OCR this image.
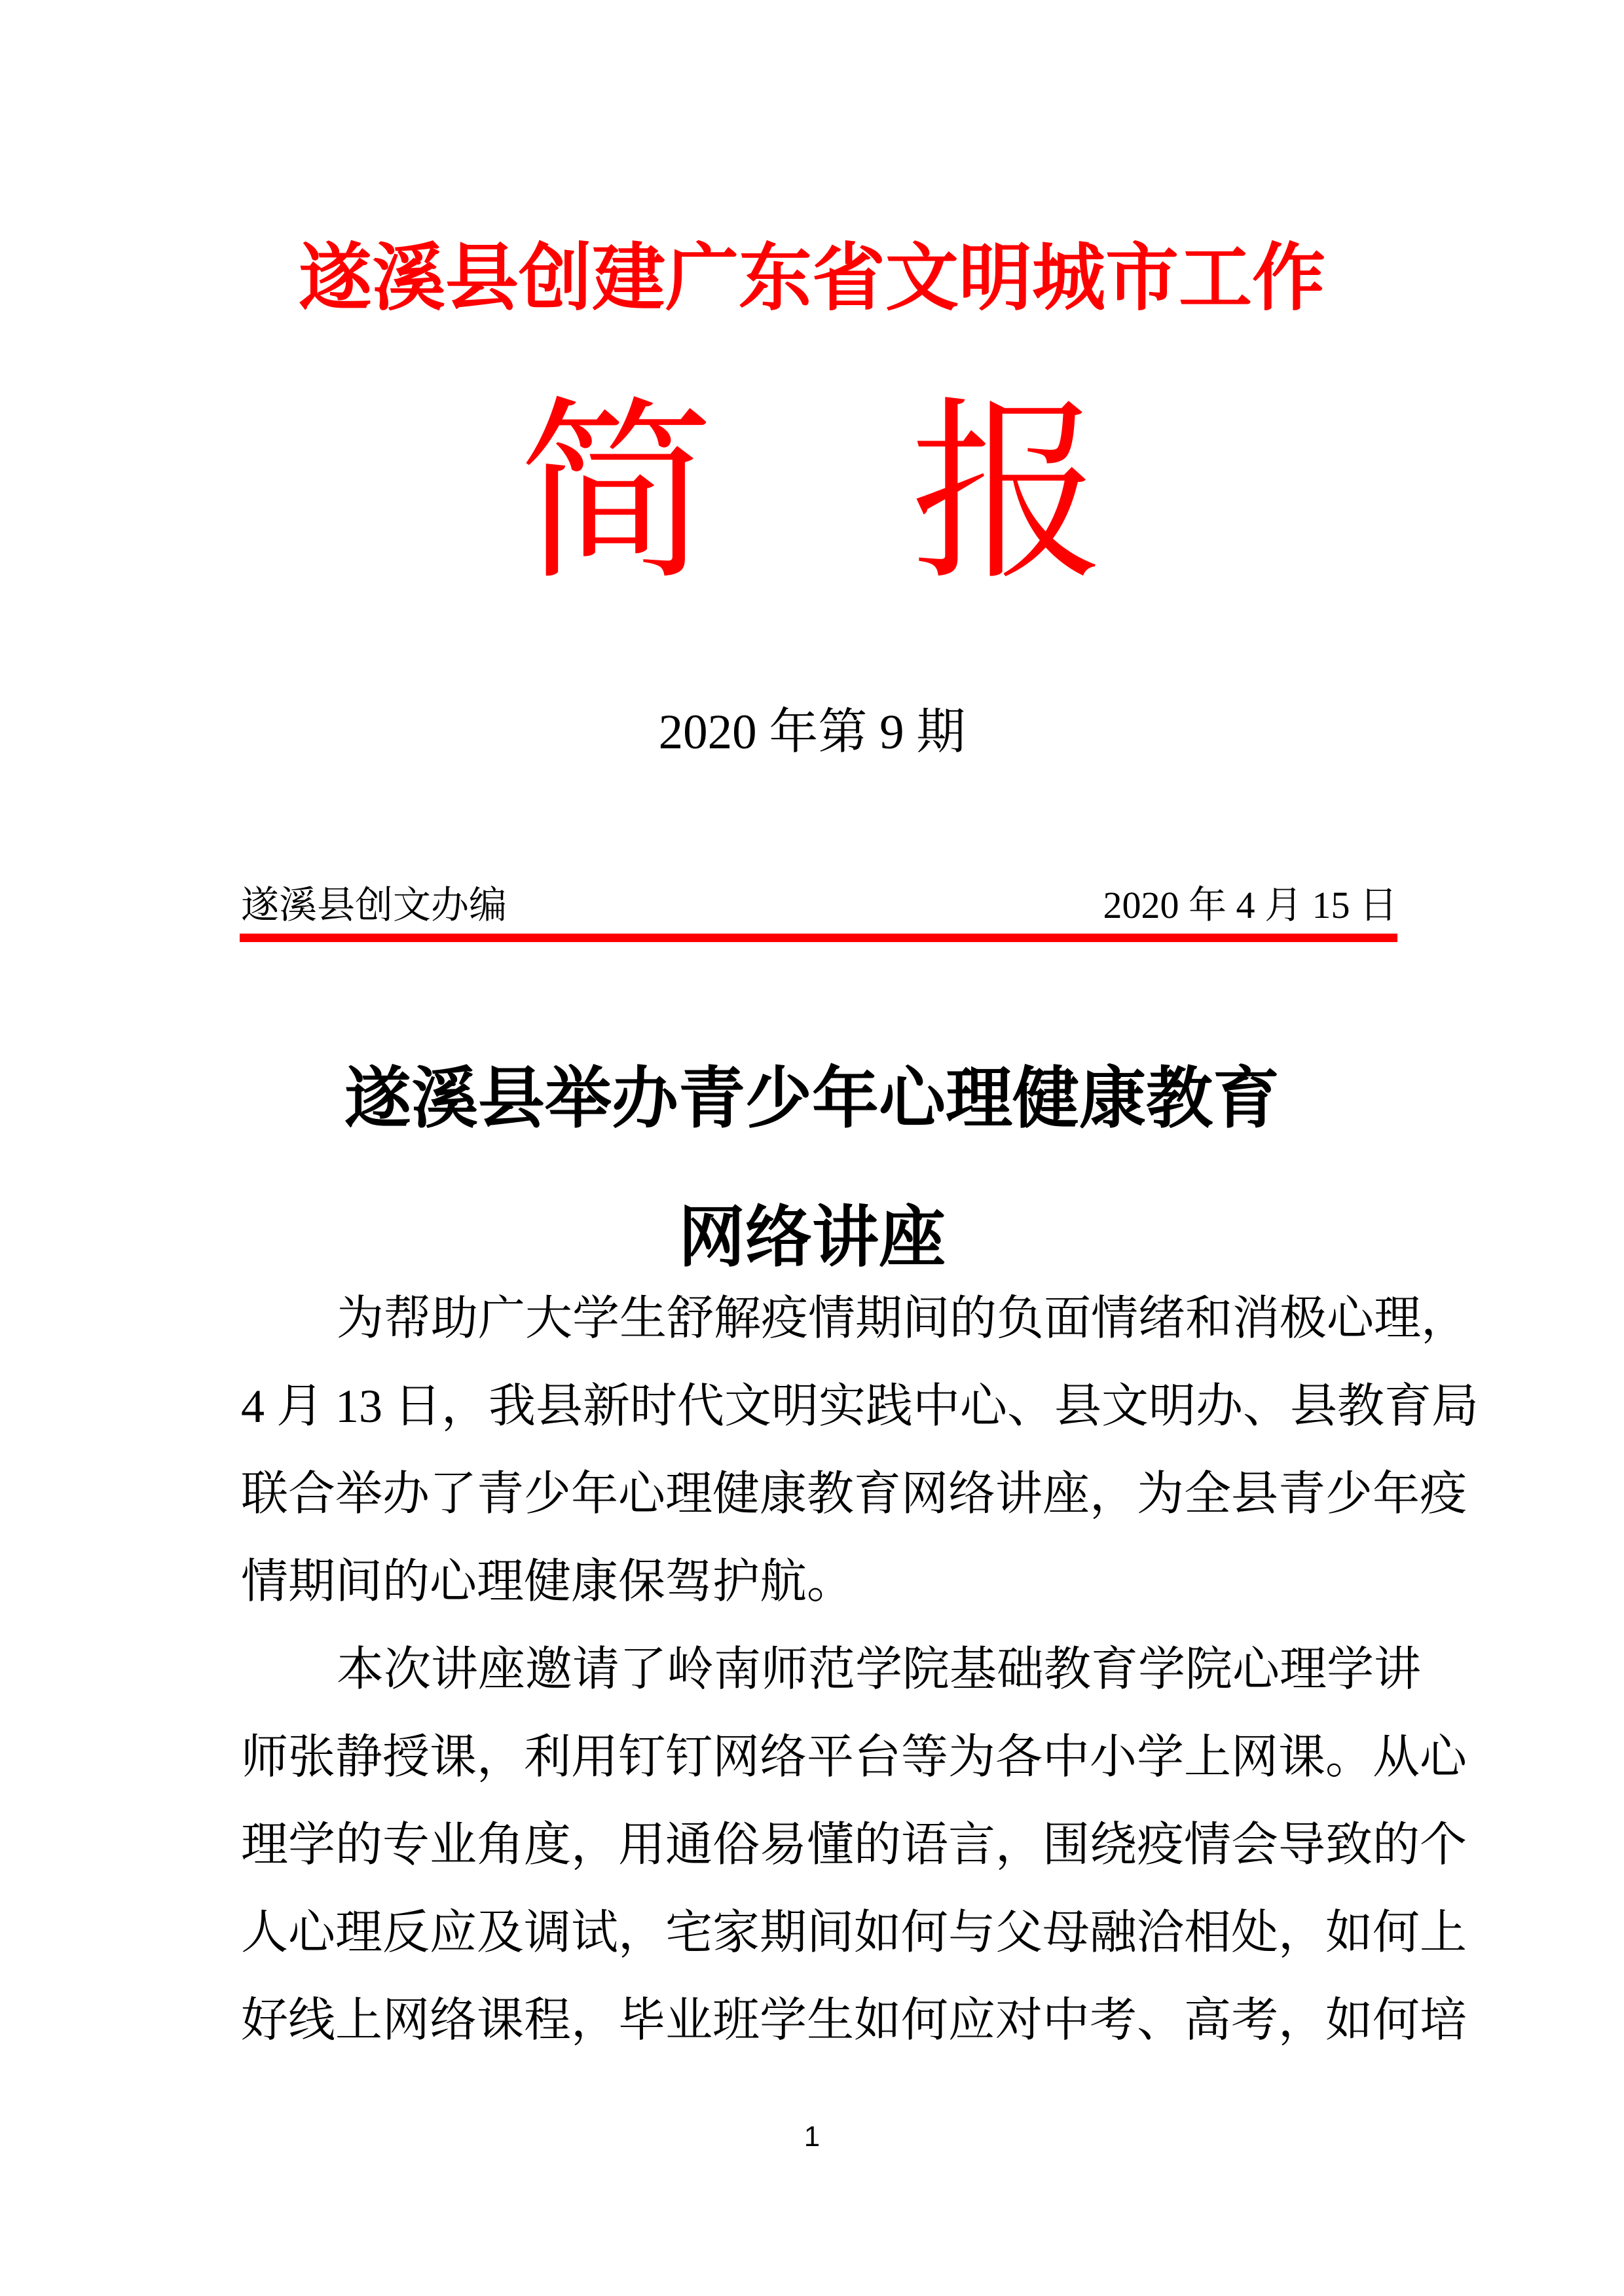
遂溪县创建广东省文明城市工作
简 报
2020 年第 9 期
遂溪县创文办编	2020 年 4 月 15 日
遂溪县举办青少年心理健康教育
网络讲座
为帮助广大学生舒解疫情期间的负面情绪和消极心理，
4 月 13 日，我县新时代文明实践中心、县文明办、县教育局
联合举办了青少年心理健康教育网络讲座，为全县青少年疫
情期间的心理健康保驾护航。
本次讲座邀请了岭南师范学院基础教育学院心理学讲
师张静授课，利用钉钉网络平台等为各中小学上网课。从心
理学的专业角度，用通俗易懂的语言，围绕疫情会导致的个
人心理反应及调试，宅家期间如何与父母融洽相处，如何上
好线上网络课程，毕业班学生如何应对中考、高考，如何培
1
